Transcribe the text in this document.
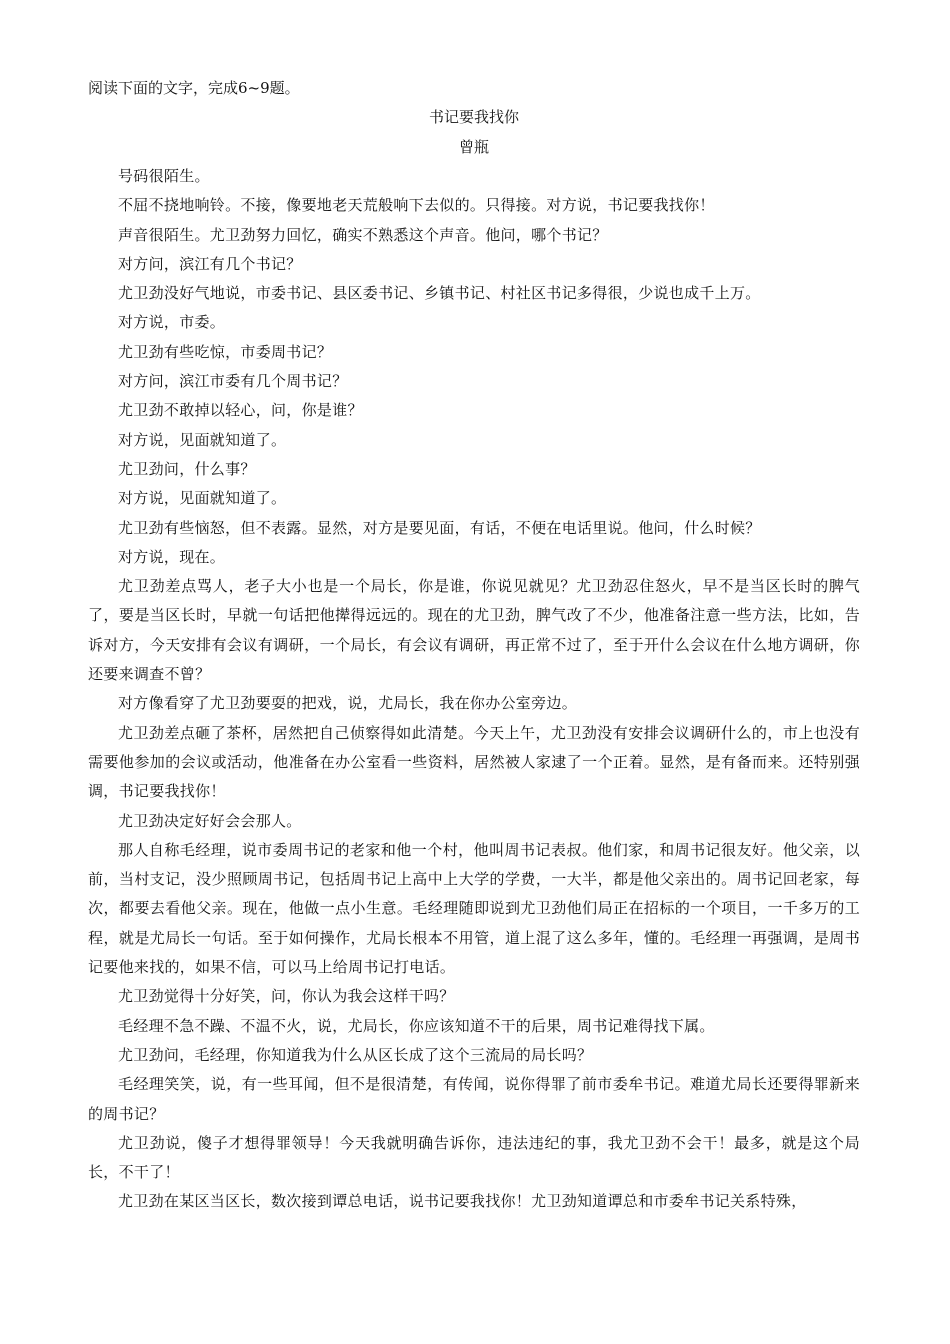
阅读下面的文字，完成6~9题。

书记要我找你

曾瓶

号码很陌生。

不屈不挠地响铃。不接，像要地老天荒般响下去似的。只得接。对方说，书记要我找你！

声音很陌生。尤卫劲努力回忆，确实不熟悉这个声音。他问，哪个书记？

对方问，滨江有几个书记？

尤卫劲没好气地说，市委书记、县区委书记、乡镇书记、村社区书记多得很，少说也成千上万。

对方说，市委。

尤卫劲有些吃惊，市委周书记？

对方问，滨江市委有几个周书记？

尤卫劲不敢掉以轻心，问，你是谁？

对方说，见面就知道了。

尤卫劲问，什么事？

对方说，见面就知道了。

尤卫劲有些恼怒，但不表露。显然，对方是要见面，有话，不便在电话里说。他问，什么时候？

对方说，现在。

尤卫劲差点骂人，老子大小也是一个局长，你是谁，你说见就见？尤卫劲忍住怒火，早不是当区长时的脾气了，要是当区长时，早就一句话把他撵得远远的。现在的尤卫劲，脾气改了不少，他准备注意一些方法，比如，告诉对方，今天安排有会议有调研，一个局长，有会议有调研，再正常不过了，至于开什么会议在什么地方调研，你还要来调查不曾？

对方像看穿了尤卫劲要耍的把戏，说，尤局长，我在你办公室旁边。

尤卫劲差点砸了茶杯，居然把自己侦察得如此清楚。今天上午，尤卫劲没有安排会议调研什么的，市上也没有需要他参加的会议或活动，他准备在办公室看一些资料，居然被人家逮了一个正着。显然，是有备而来。还特别强调，书记要我找你！

尤卫劲决定好好会会那人。

那人自称毛经理，说市委周书记的老家和他一个村，他叫周书记表叔。他们家，和周书记很友好。他父亲，以前，当村支记，没少照顾周书记，包括周书记上高中上大学的学费，一大半，都是他父亲出的。周书记回老家，每次，都要去看他父亲。现在，他做一点小生意。毛经理随即说到尤卫劲他们局正在招标的一个项目，一千多万的工程，就是尤局长一句话。至于如何操作，尤局长根本不用管，道上混了这么多年，懂的。毛经理一再强调，是周书记要他来找的，如果不信，可以马上给周书记打电话。

尤卫劲觉得十分好笑，问，你认为我会这样干吗？

毛经理不急不躁、不温不火，说，尤局长，你应该知道不干的后果，周书记难得找下属。

尤卫劲问，毛经理，你知道我为什么从区长成了这个三流局的局长吗？

毛经理笑笑，说，有一些耳闻，但不是很清楚，有传闻，说你得罪了前市委牟书记。难道尤局长还要得罪新来的周书记？

尤卫劲说，傻子才想得罪领导！今天我就明确告诉你，违法违纪的事，我尤卫劲不会干！最多，就是这个局长，不干了！

尤卫劲在某区当区长，数次接到谭总电话，说书记要我找你！尤卫劲知道谭总和市委牟书记关系特殊，
